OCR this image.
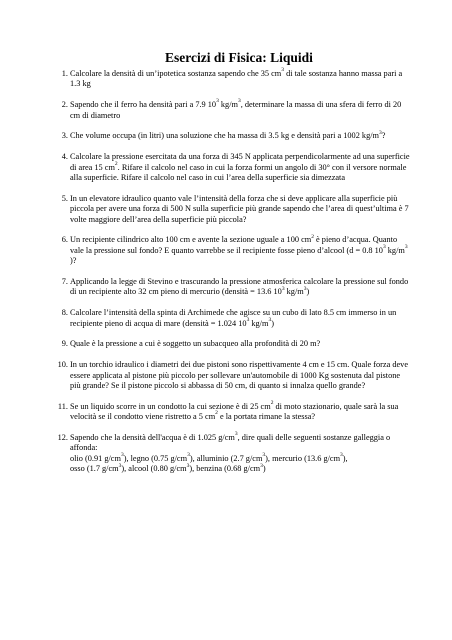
Esercizi di Fisica: Liquidi
1. Calcolare la densità di un’ipotetica sostanza sapendo che 35 $cm^3$ di tale sostanza hanno massa pari a 1.3 kg
2. Sapendo che il ferro ha densità pari a 7.9 $10^3$ $kg/m^3$, determinare la massa di una sfera di ferro di 20 cm di diametro
3. Che volume occupa (in litri) una soluzione che ha massa di 3.5 kg e densità pari a 1002 $kg/m^3$?
4. Calcolare la pressione esercitata da una forza di 345 N applicata perpendicolarmente ad una superficie di area 15 $cm^2$. Rifare il calcolo nel caso in cui la forza formi un angolo di 30° con il versore normale alla superficie. Rifare il calcolo nel caso in cui l’area della superficie sia dimezzata
5. In un elevatore idraulico quanto vale l’intensità della forza che si deve applicare alla superficie più piccola per avere una forza di 500 N sulla superficie più grande sapendo che l’area di quest’ultima è 7 volte maggiore dell’area della superficie più piccola?
6. Un recipiente cilindrico alto 100 cm e avente la sezione uguale a 100 $cm^2$ è pieno d’acqua. Quanto vale la pressione sul fondo? E quanto varrebbe se il recipiente fosse pieno d’alcool (d = 0.8 $10^3$ $kg/m^3$ )?
7. Applicando la legge di Stevino e trascurando la pressione atmosferica calcolare la pressione sul fondo di un recipiente alto 32 cm pieno di mercurio (densità = 13.6 $10^3$ $kg/m^3$)
8. Calcolare l’intensità della spinta di Archimede che agisce su un cubo di lato 8.5 cm immerso in un recipiente pieno di acqua di mare (densità = 1.024 $10^3$ $kg/m^3$)
9. Quale è la pressione a cui è soggetto un subacqueo alla profondità di 20 m?
10. In un torchio idraulico i diametri dei due pistoni sono rispettivamente 4 cm e 15 cm. Quale forza deve essere applicata al pistone più piccolo per sollevare un'automobile di 1000 Kg sostenuta dal pistone più grande? Se il pistone piccolo si abbassa di 50 cm, di quanto si innalza quello grande?
11. Se un liquido scorre in un condotto la cui sezione è di 25 $cm^2$ di moto stazionario, quale sarà la sua velocità se il condotto viene ristretto a 5 $cm^2$ e la portata rimane la stessa?
12. Sapendo che la densità dell'acqua è di 1.025 $g/cm^3$, dire quali delle seguenti sostanze galleggia o affonda:
olio (0.91 $g/cm^3$), legno (0.75 $g/cm^3$), alluminio (2.7 $g/cm^3$), mercurio (13.6 $g/cm^3$),
osso (1.7 $g/cm^3$), alcool (0.80 $g/cm^3$), benzina (0.68 $g/cm^3$)
